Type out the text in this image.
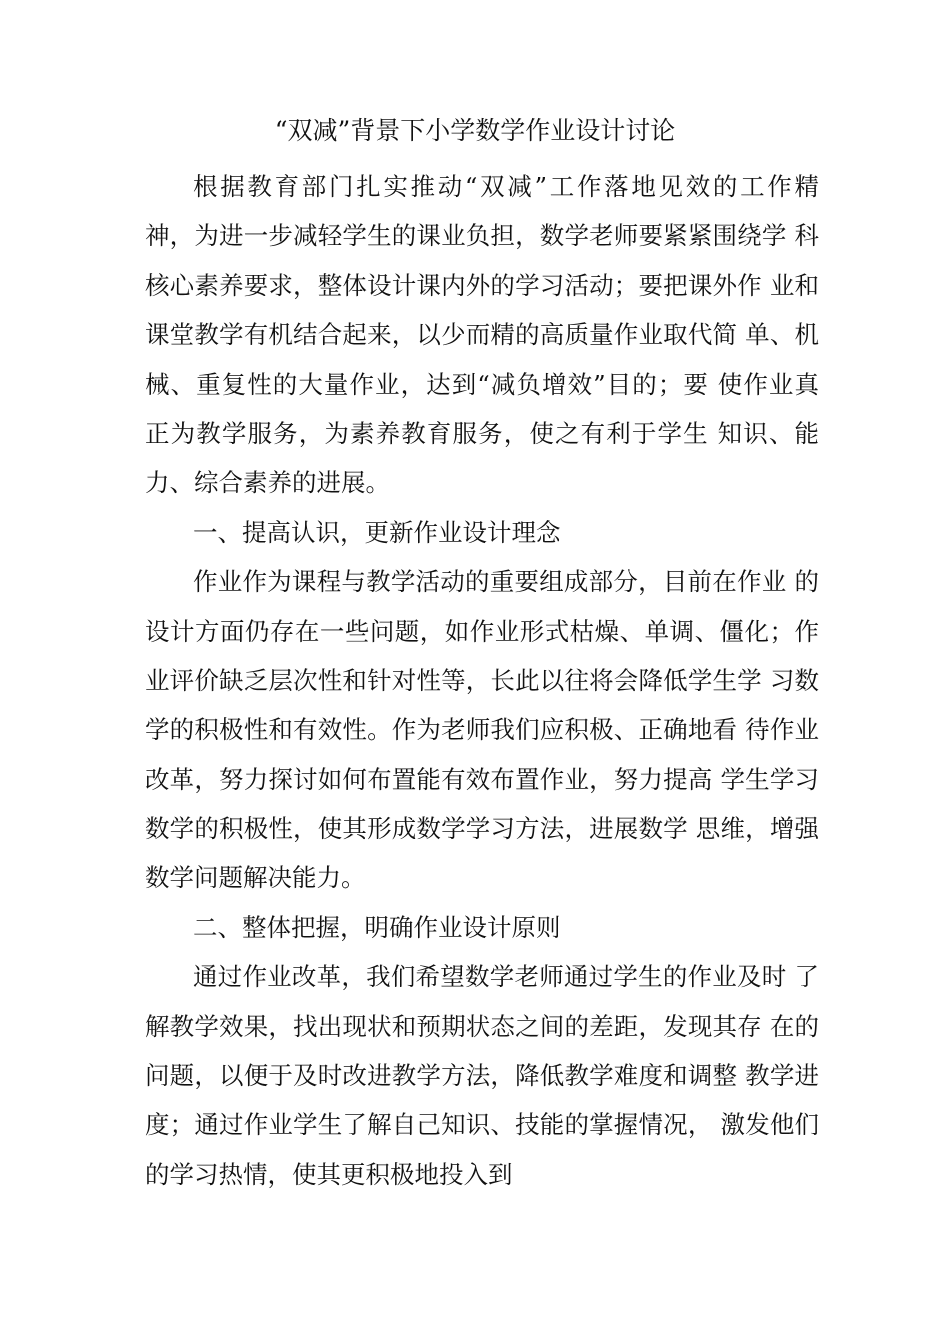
“双减”背景下小学数学作业设计讨论
根据教育部门扎实推动“双减”工作落地见效的工作精
神，为进一步减轻学生的课业负担，数学老师要紧紧围绕学 科
核心素养要求，整体设计课内外的学习活动；要把课外作 业和
课堂教学有机结合起来，以少而精的高质量作业取代简 单、机
械、重复性的大量作业，达到“减负增效”目的；要 使作业真
正为教学服务，为素养教育服务，使之有利于学生 知识、能
力、综合素养的进展。
一、提高认识，更新作业设计理念
作业作为课程与教学活动的重要组成部分，目前在作业 的
设计方面仍存在一些问题，如作业形式枯燥、单调、僵化；作
业评价缺乏层次性和针对性等，长此以往将会降低学生学 习数
学的积极性和有效性。作为老师我们应积极、正确地看 待作业
改革，努力探讨如何布置能有效布置作业，努力提高 学生学习
数学的积极性，使其形成数学学习方法，进展数学 思维，增强
数学问题解决能力。
二、整体把握，明确作业设计原则
通过作业改革，我们希望数学老师通过学生的作业及时 了
解教学效果，找出现状和预期状态之间的差距，发现其存 在的
问题，以便于及时改进教学方法，降低教学难度和调整 教学进
度；通过作业学生了解自己知识、技能的掌握情况， 激发他们
的学习热情，使其更积极地投入到
